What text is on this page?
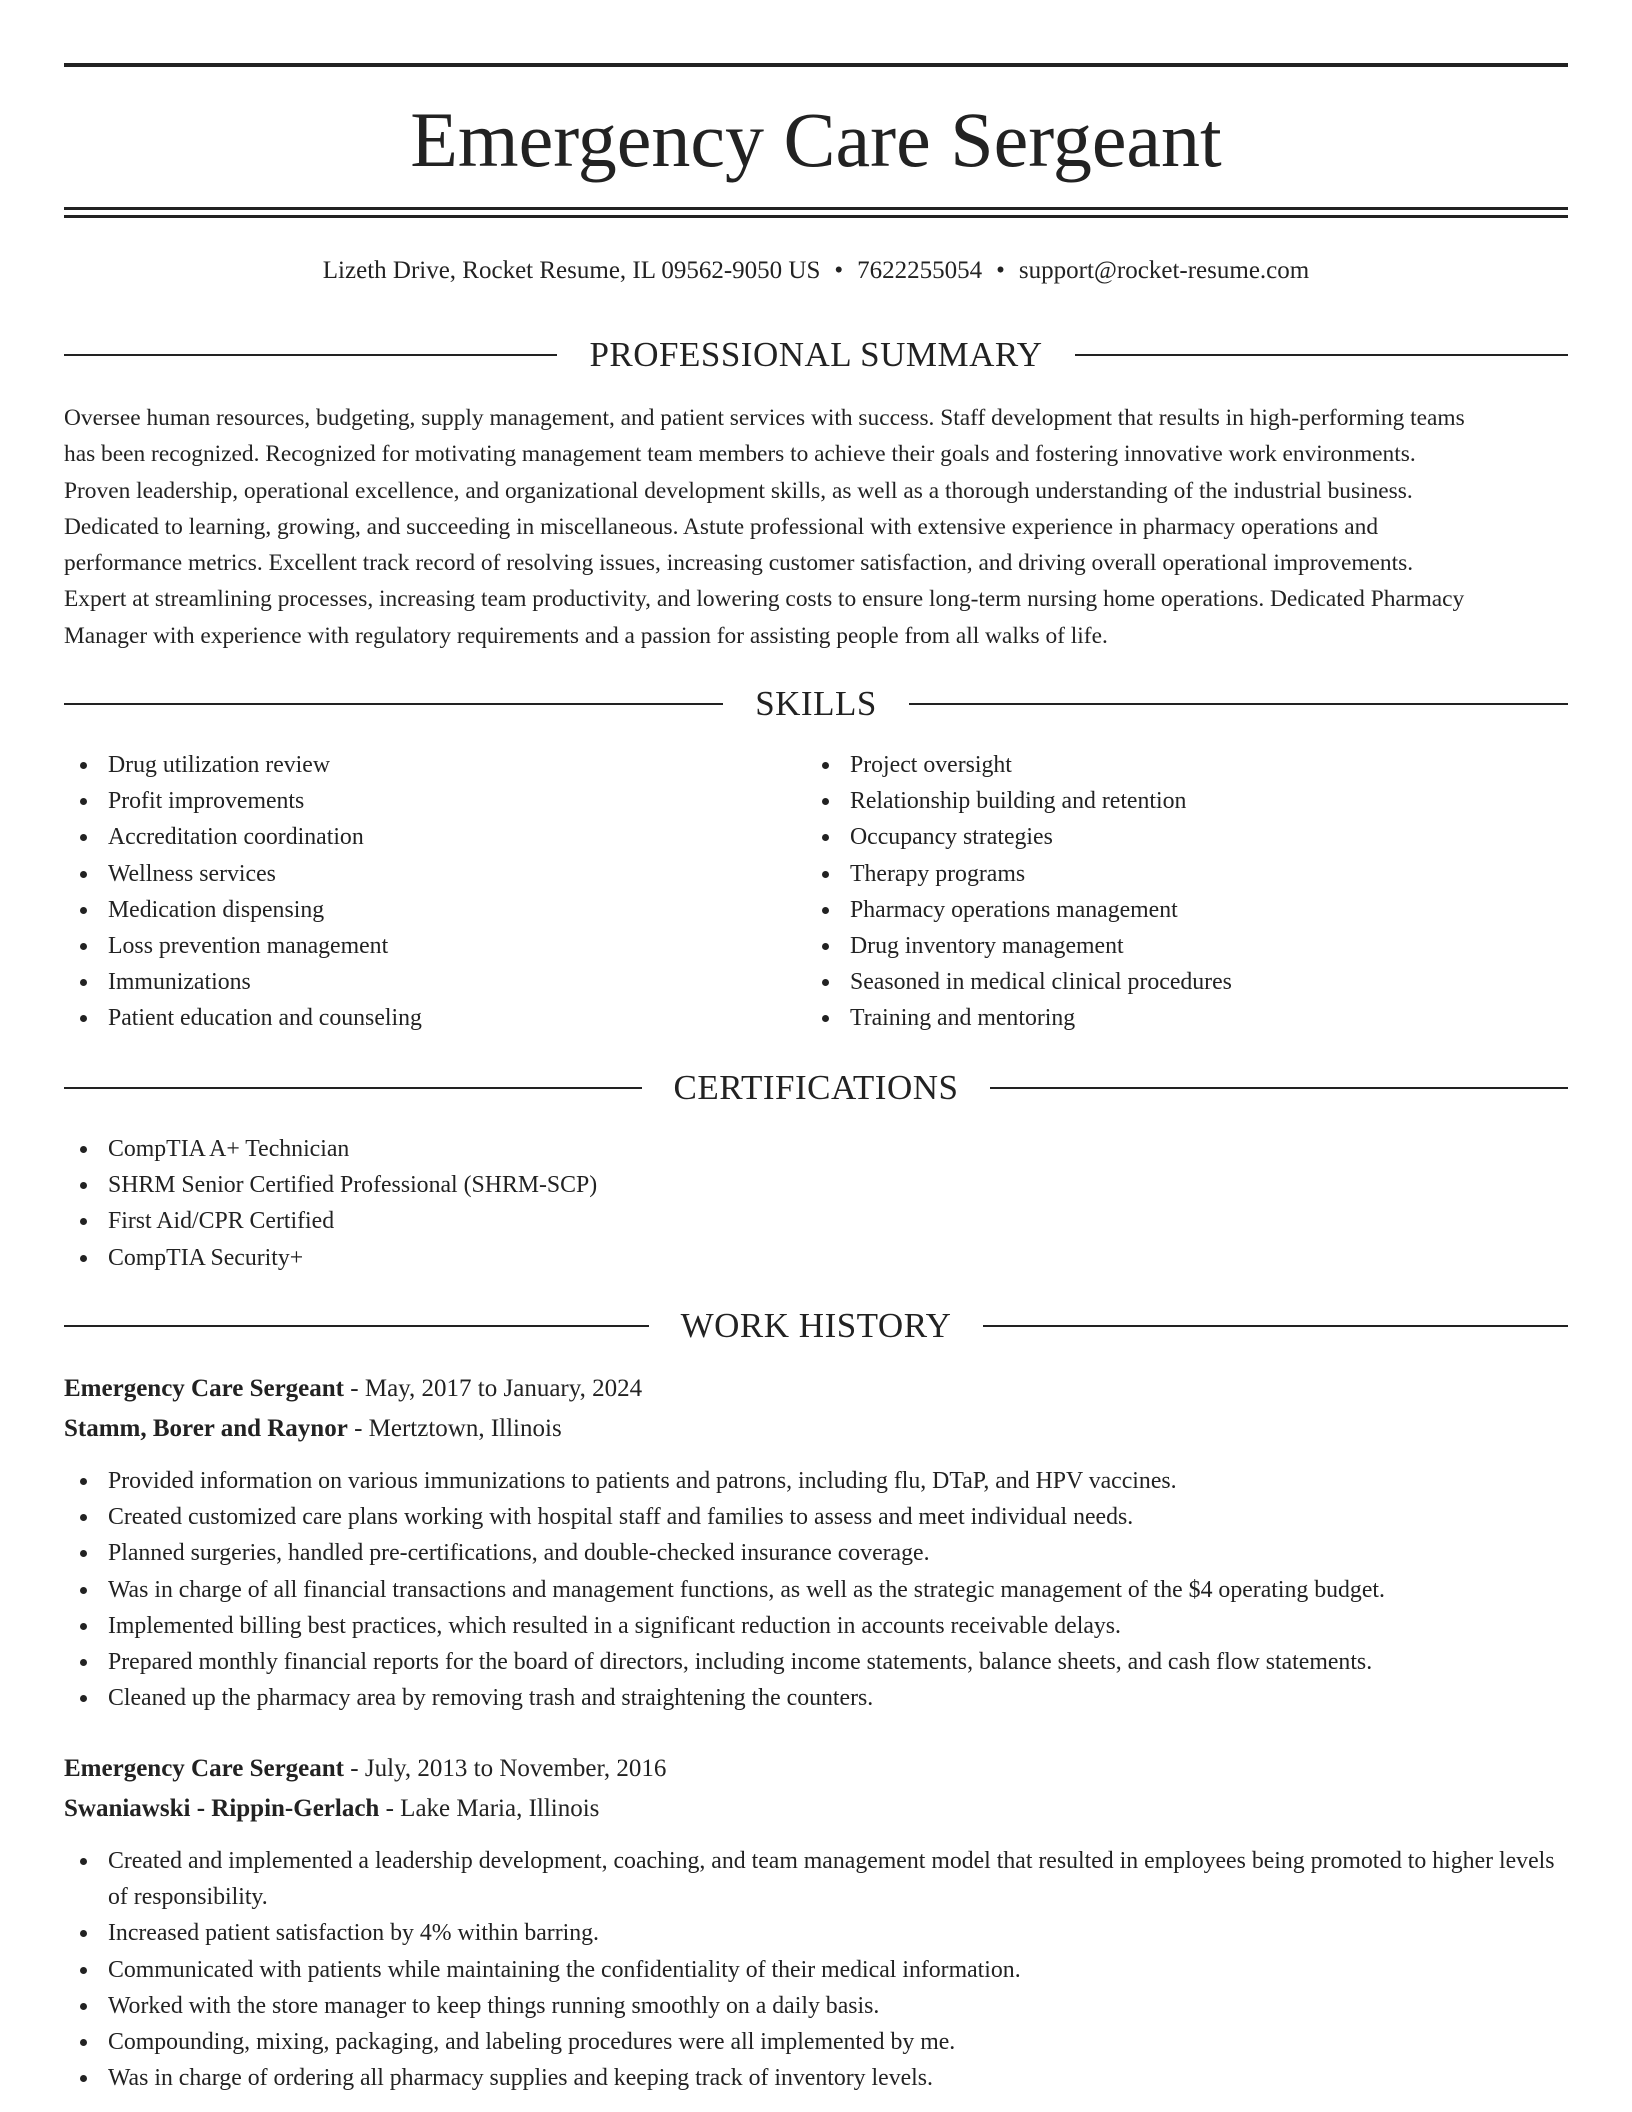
Emergency Care Sergeant
Lizeth Drive, Rocket Resume, IL 09562-9050 US • 7622255054 • support@rocket-resume.com
PROFESSIONAL SUMMARY
Oversee human resources, budgeting, supply management, and patient services with success. Staff development that results in high-performing teams
has been recognized. Recognized for motivating management team members to achieve their goals and fostering innovative work environments.
Proven leadership, operational excellence, and organizational development skills, as well as a thorough understanding of the industrial business.
Dedicated to learning, growing, and succeeding in miscellaneous. Astute professional with extensive experience in pharmacy operations and
performance metrics. Excellent track record of resolving issues, increasing customer satisfaction, and driving overall operational improvements.
Expert at streamlining processes, increasing team productivity, and lowering costs to ensure long-term nursing home operations. Dedicated Pharmacy
Manager with experience with regulatory requirements and a passion for assisting people from all walks of life.
SKILLS
Drug utilization review
Profit improvements
Accreditation coordination
Wellness services
Medication dispensing
Loss prevention management
Immunizations
Patient education and counseling
Project oversight
Relationship building and retention
Occupancy strategies
Therapy programs
Pharmacy operations management
Drug inventory management
Seasoned in medical clinical procedures
Training and mentoring
CERTIFICATIONS
CompTIA A+ Technician
SHRM Senior Certified Professional (SHRM-SCP)
First Aid/CPR Certified
CompTIA Security+
WORK HISTORY
Emergency Care Sergeant - May, 2017 to January, 2024
Stamm, Borer and Raynor - Mertztown, Illinois
Provided information on various immunizations to patients and patrons, including flu, DTaP, and HPV vaccines.
Created customized care plans working with hospital staff and families to assess and meet individual needs.
Planned surgeries, handled pre-certifications, and double-checked insurance coverage.
Was in charge of all financial transactions and management functions, as well as the strategic management of the $4 operating budget.
Implemented billing best practices, which resulted in a significant reduction in accounts receivable delays.
Prepared monthly financial reports for the board of directors, including income statements, balance sheets, and cash flow statements.
Cleaned up the pharmacy area by removing trash and straightening the counters.
Emergency Care Sergeant - July, 2013 to November, 2016
Swaniawski - Rippin-Gerlach - Lake Maria, Illinois
Created and implemented a leadership development, coaching, and team management model that resulted in employees being promoted to higher levels of responsibility.
Increased patient satisfaction by 4% within barring.
Communicated with patients while maintaining the confidentiality of their medical information.
Worked with the store manager to keep things running smoothly on a daily basis.
Compounding, mixing, packaging, and labeling procedures were all implemented by me.
Was in charge of ordering all pharmacy supplies and keeping track of inventory levels.
